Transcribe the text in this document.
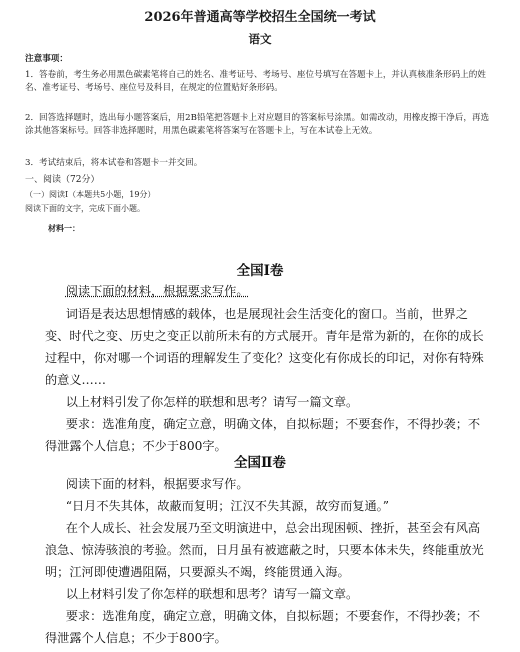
2026年普通高等学校招生全国统一考试
语文
注意事项：
1．答卷前，考生务必用黑色碳素笔将自己的姓名、准考证号、考场号、座位号填写在答题卡上，并认真核准条形码上的姓名、准考证号、考场号、座位号及科目，在规定的位置贴好条形码。
2．回答选择题时，选出每小题答案后，用2B铅笔把答题卡上对应题目的答案标号涂黑。如需改动，用橡皮擦干净后，再选涂其他答案标号。回答非选择题时，用黑色碳素笔将答案写在答题卡上，写在本试卷上无效。
3．考试结束后，将本试卷和答题卡一并交回。
一、阅读（72分）
（一）阅读Ⅰ（本题共5小题，19分）
阅读下面的文字，完成下面小题。
材料一：
全国Ⅰ卷
阅读下面的材料，根据要求写作。
词语是表达思想情感的载体，也是展现社会生活变化的窗口。当前，世界之变、时代之变、历史之变正以前所未有的方式展开。青年是常为新的，在你的成长过程中，你对哪一个词语的理解发生了变化？这变化有你成长的印记，对你有特殊的意义……
以上材料引发了你怎样的联想和思考？请写一篇文章。
要求：选准角度，确定立意，明确文体，自拟标题；不要套作，不得抄袭；不得泄露个人信息；不少于800字。
全国Ⅱ卷
阅读下面的材料，根据要求写作。
“日月不失其体，故蔽而复明；江汉不失其源，故穷而复通。”
在个人成长、社会发展乃至文明演进中，总会出现困顿、挫折，甚至会有风高浪急、惊涛骇浪的考验。然而，日月虽有被遮蔽之时，只要本体未失，终能重放光明；江河即使遭遇阻隔，只要源头不竭，终能贯通入海。
以上材料引发了你怎样的联想和思考？请写一篇文章。
要求：选准角度，确定立意，明确文体，自拟标题；不要套作，不得抄袭；不得泄露个人信息；不少于800字。
